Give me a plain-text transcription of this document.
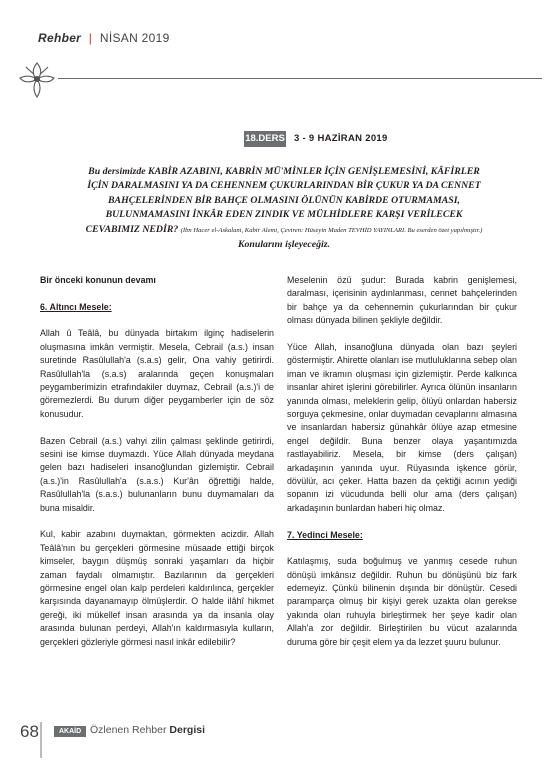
Rehber | NİSAN 2019
18.DERS 3 - 9 HAZİRAN 2019
Bu dersimizde KABİR AZABINI, KABRİN MÜ'MİNLER İÇİN GENİŞLEMESİNİ, KÂFİRLER İÇİN DARALMASINI YA DA CEHENNEM ÇUKURLARINDAN BİR ÇUKUR YA DA CENNET BAHÇELERİNDEN BİR BAHÇE OLMASINI ÖLÜNÜN KABİRDE OTURMAMASI, BULUNMAMASINI İNKÂR EDEN ZINDIK VE MÜLHİDLERE KARŞI VERİLECEK CEVABIMIZ NEDİR? (İbn Hacer el-Askalani, Kabir Alemi, Çeviren: Hüseyin Maden TEVHİD YAYINLARI. Bu eserden özet yapılmıştır.) Konularını işleyeceğiz.

Bir önceki konunun devamı

6. Altıncı Mesele:

Allah û Teâlâ, bu dünyada birtakım ilginç hadiselerin oluşmasına imkân vermiştir. Mesela, Cebrail (a.s.) insan suretinde Rasûlullah'a (s.a.s) gelir, Ona vahiy getirirdi. Rasûlullah'la (s.a.s) aralarında geçen konuşmaları peygamberimizin etrafındakiler duymaz, Cebrail (a.s.)'i de göremezlerdi. Bu durum diğer peygamberler için de söz konusudur.

Bazen Cebrail (a.s.) vahyi zilin çalması şeklinde getirirdi, sesini ise kimse duymazdı. Yüce Allah dünyada meydana gelen bazı hadiseleri insanoğlundan gizlemiştir. Cebrail (a.s.)'in Rasûlullah'a (s.a.s.) Kur'ân öğrettiği halde, Rasûlullah'la (s.a.s.) bulunanların bunu duymamaları da buna misaldir.

Kul, kabir azabını duymaktan, görmekten acizdir. Allah Teâlâ'nın bu gerçekleri görmesine müsaade ettiği birçok kimseler, baygın düşmüş sonraki yaşamları da hiçbir zaman faydalı olmamıştır. Bazılarının da gerçekleri görmesine engel olan kalp perdeleri kaldırılınca, gerçekler karşısında dayanamayıp ölmüşlerdir. O halde ilâhî hikmet gereği, iki mükellef insan arasında ya da insanla olay arasında bulunan perdeyi, Allah'ın kaldırmasıyla kulların, gerçekleri gözleriyle görmesi nasıl inkâr edilebilir?

Meselenin özü şudur: Burada kabrin genişlemesi, daralması, içerisinin aydınlanması, cennet bahçelerinden bir bahçe ya da cehennemin çukurlarından bir çukur olması dünyada bilinen şekliyle değildir.

Yüce Allah, insanoğluna dünyada olan bazı şeyleri göstermiştir. Ahirette olanları ise mutluluklarına sebep olan iman ve ikramın oluşması için gizlemiştir. Perde kalkınca insanlar ahiret işlerini görebilirler. Ayrıca ölünün insanların yanında olması, meleklerin gelip, ölüyü onlardan habersiz sorguya çekmesine, onlar duymadan cevaplarını almasına ve insanlardan habersiz günahkâr ölüye azap etmesine engel değildir. Buna benzer olaya yaşantımızda rastlayabiliriz. Mesela, bir kimse (ders çalışan) arkadaşının yanında uyur. Rüyasında işkence görür, dövülür, acı çeker. Hatta bazen da çektiği acının yediği sopanın izi vücudunda belli olur ama (ders çalışan) arkadaşının bunlardan haberi hiç olmaz.

7. Yedinci Mesele:

Katılaşmış, suda boğulmuş ve yanmış cesede ruhun dönüşü imkânsız değildir. Ruhun bu dönüşünü biz fark edemeyiz. Çünkü bilinenin dışında bir dönüştür. Cesedi paramparça olmuş bir kişiyi gerek uzakta olan gerekse yakında olan ruhuyla birleştirmek her şeye kadir olan Allah'a zor değildir. Birleştirilen bu vücut azalarında duruma göre bir çeşit elem ya da lezzet şuuru bulunur.

68	AKAİD Özlenen Rehber Dergisi
